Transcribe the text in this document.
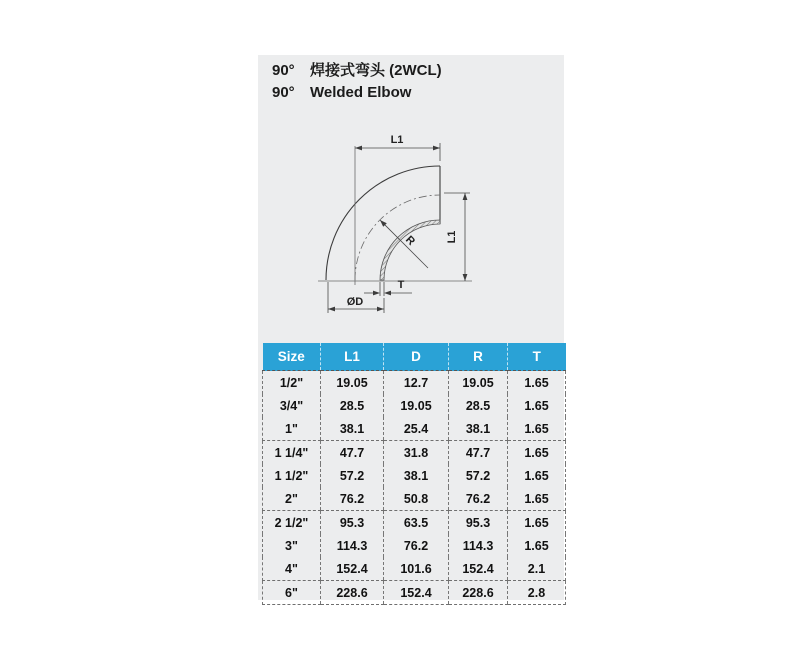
90° 焊接式弯头 (2WCL)
90° Welded Elbow
L1
L1
R
T
ØD
Size	L1	D	R	T
1/2"	19.05	12.7	19.05	1.65
3/4"	28.5	19.05	28.5	1.65
1"	38.1	25.4	38.1	1.65
1 1/4"	47.7	31.8	47.7	1.65
1 1/2"	57.2	38.1	57.2	1.65
2"	76.2	50.8	76.2	1.65
2 1/2"	95.3	63.5	95.3	1.65
3"	114.3	76.2	114.3	1.65
4"	152.4	101.6	152.4	2.1
6"	228.6	152.4	228.6	2.8
